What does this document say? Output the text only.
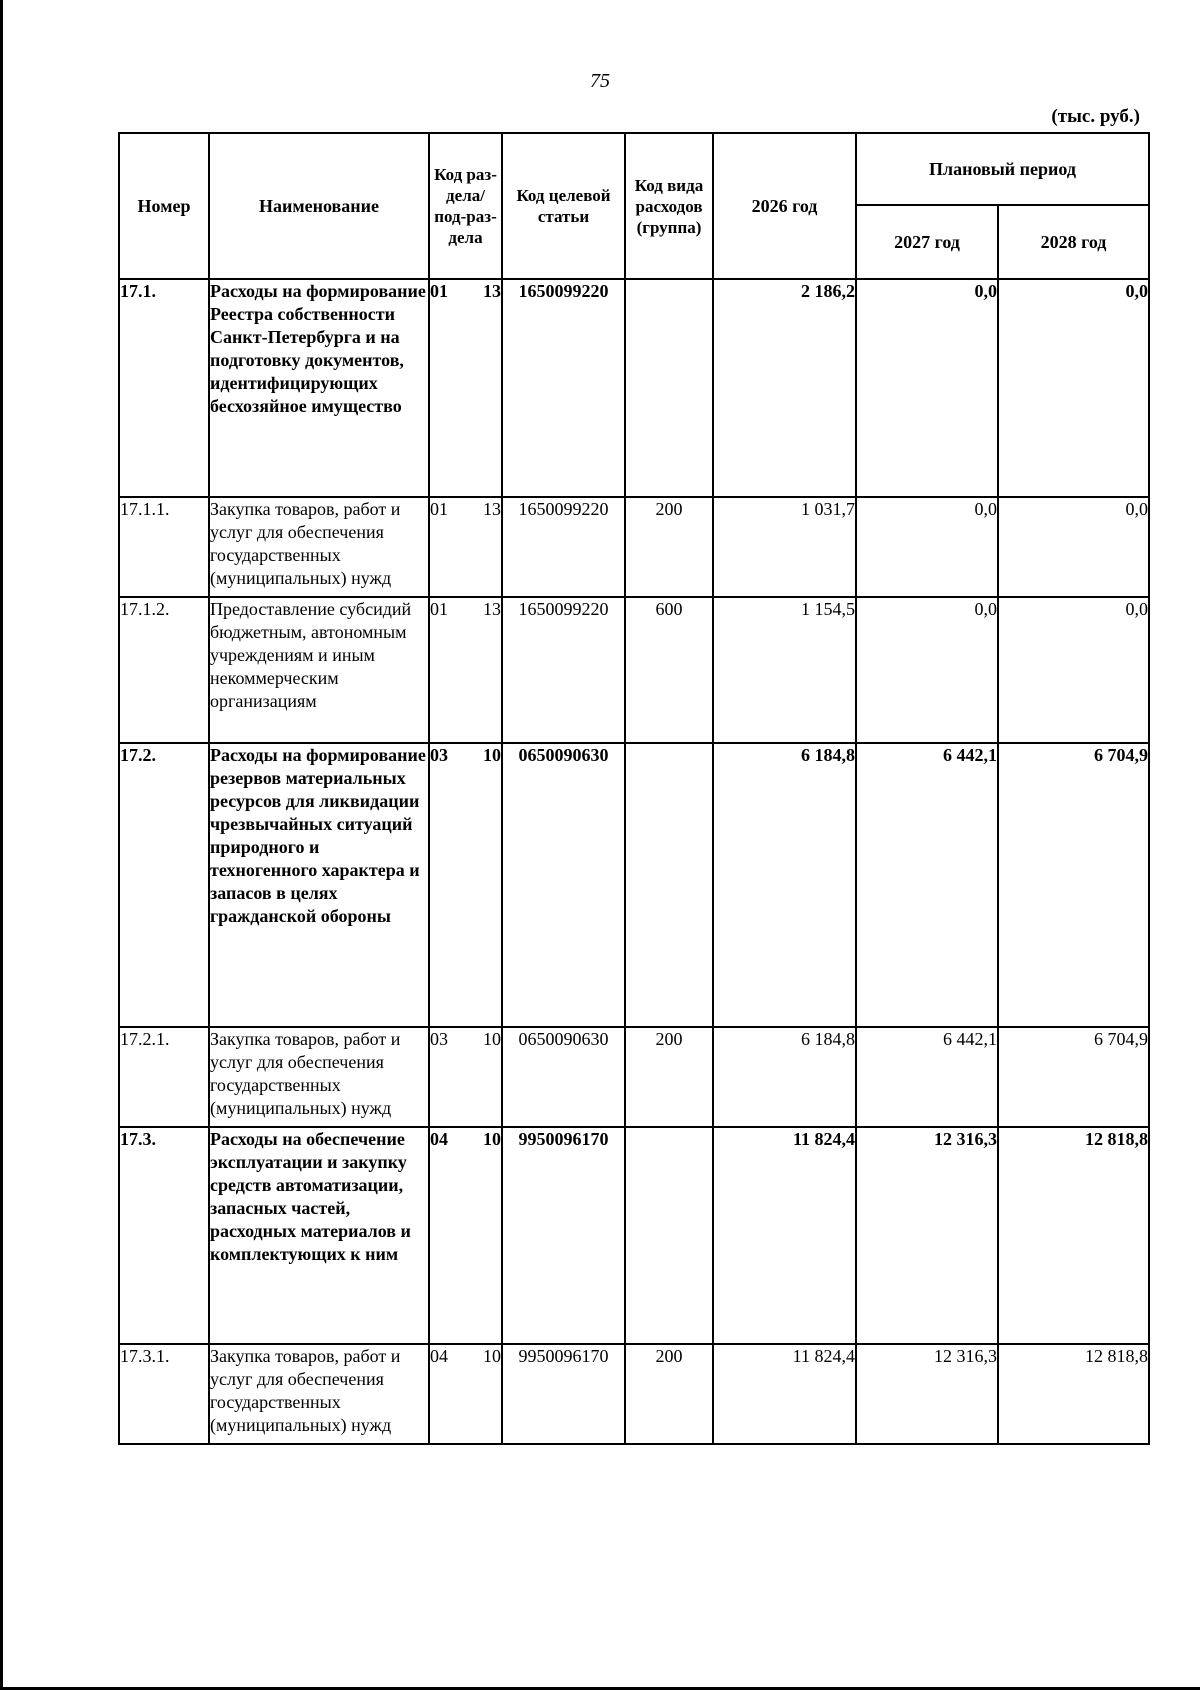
75
(тыс. руб.)
Номер	Наименование	Код раз-дела/ под-раз-дела	Код целевой статьи	Код вида расходов (группа)	2026 год	Плановый период	
						2027 год	2028 год
17.1.	Расходы на формирование Реестра собственности Санкт-Петербурга и на подготовку документов, идентифицирующих бесхозяйное имущество	01 13	1650099220		2 186,2	0,0	0,0
17.1.1.	Закупка товаров, работ и услуг для обеспечения государственных (муниципальных) нужд	01 13	1650099220	200	1 031,7	0,0	0,0
17.1.2.	Предоставление субсидий бюджетным, автономным учреждениям и иным некоммерческим организациям	01 13	1650099220	600	1 154,5	0,0	0,0
17.2.	Расходы на формирование резервов материальных ресурсов для ликвидации чрезвычайных ситуаций природного и техногенного характера и запасов в целях гражданской обороны	03 10	0650090630		6 184,8	6 442,1	6 704,9
17.2.1.	Закупка товаров, работ и услуг для обеспечения государственных (муниципальных) нужд	03 10	0650090630	200	6 184,8	6 442,1	6 704,9
17.3.	Расходы на обеспечение эксплуатации и закупку средств автоматизации, запасных частей, расходных материалов и комплектующих к ним	04 10	9950096170		11 824,4	12 316,3	12 818,8
17.3.1.	Закупка товаров, работ и услуг для обеспечения государственных (муниципальных) нужд	04 10	9950096170	200	11 824,4	12 316,3	12 818,8
